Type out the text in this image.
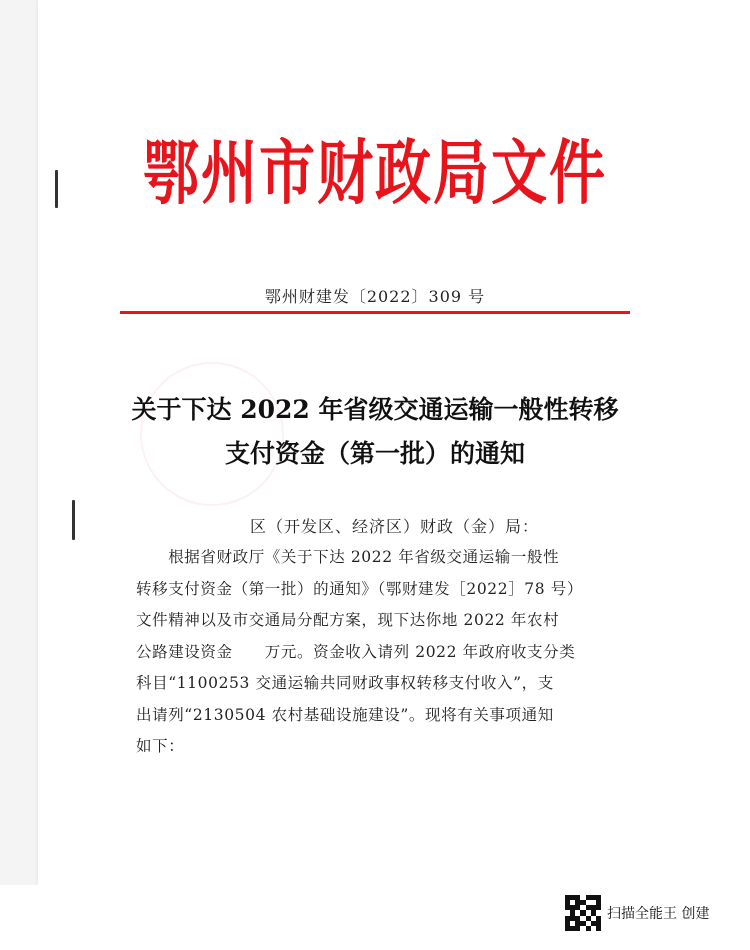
鄂州市财政局文件
鄂州财建发〔2022〕309 号
关于下达 2022 年省级交通运输一般性转移
支付资金（第一批）的通知
区（开发区、经济区）财政（金）局：
　　根据省财政厅《关于下达 2022 年省级交通运输一般性
转移支付资金（第一批）的通知》（鄂财建发［2022］78 号）
文件精神以及市交通局分配方案，现下达你地 2022 年农村
公路建设资金　　万元。资金收入请列 2022 年政府收支分类
科目“1100253 交通运输共同财政事权转移支付收入”，支
出请列“2130504 农村基础设施建设”。现将有关事项通知
如下：
扫描全能王 创建
